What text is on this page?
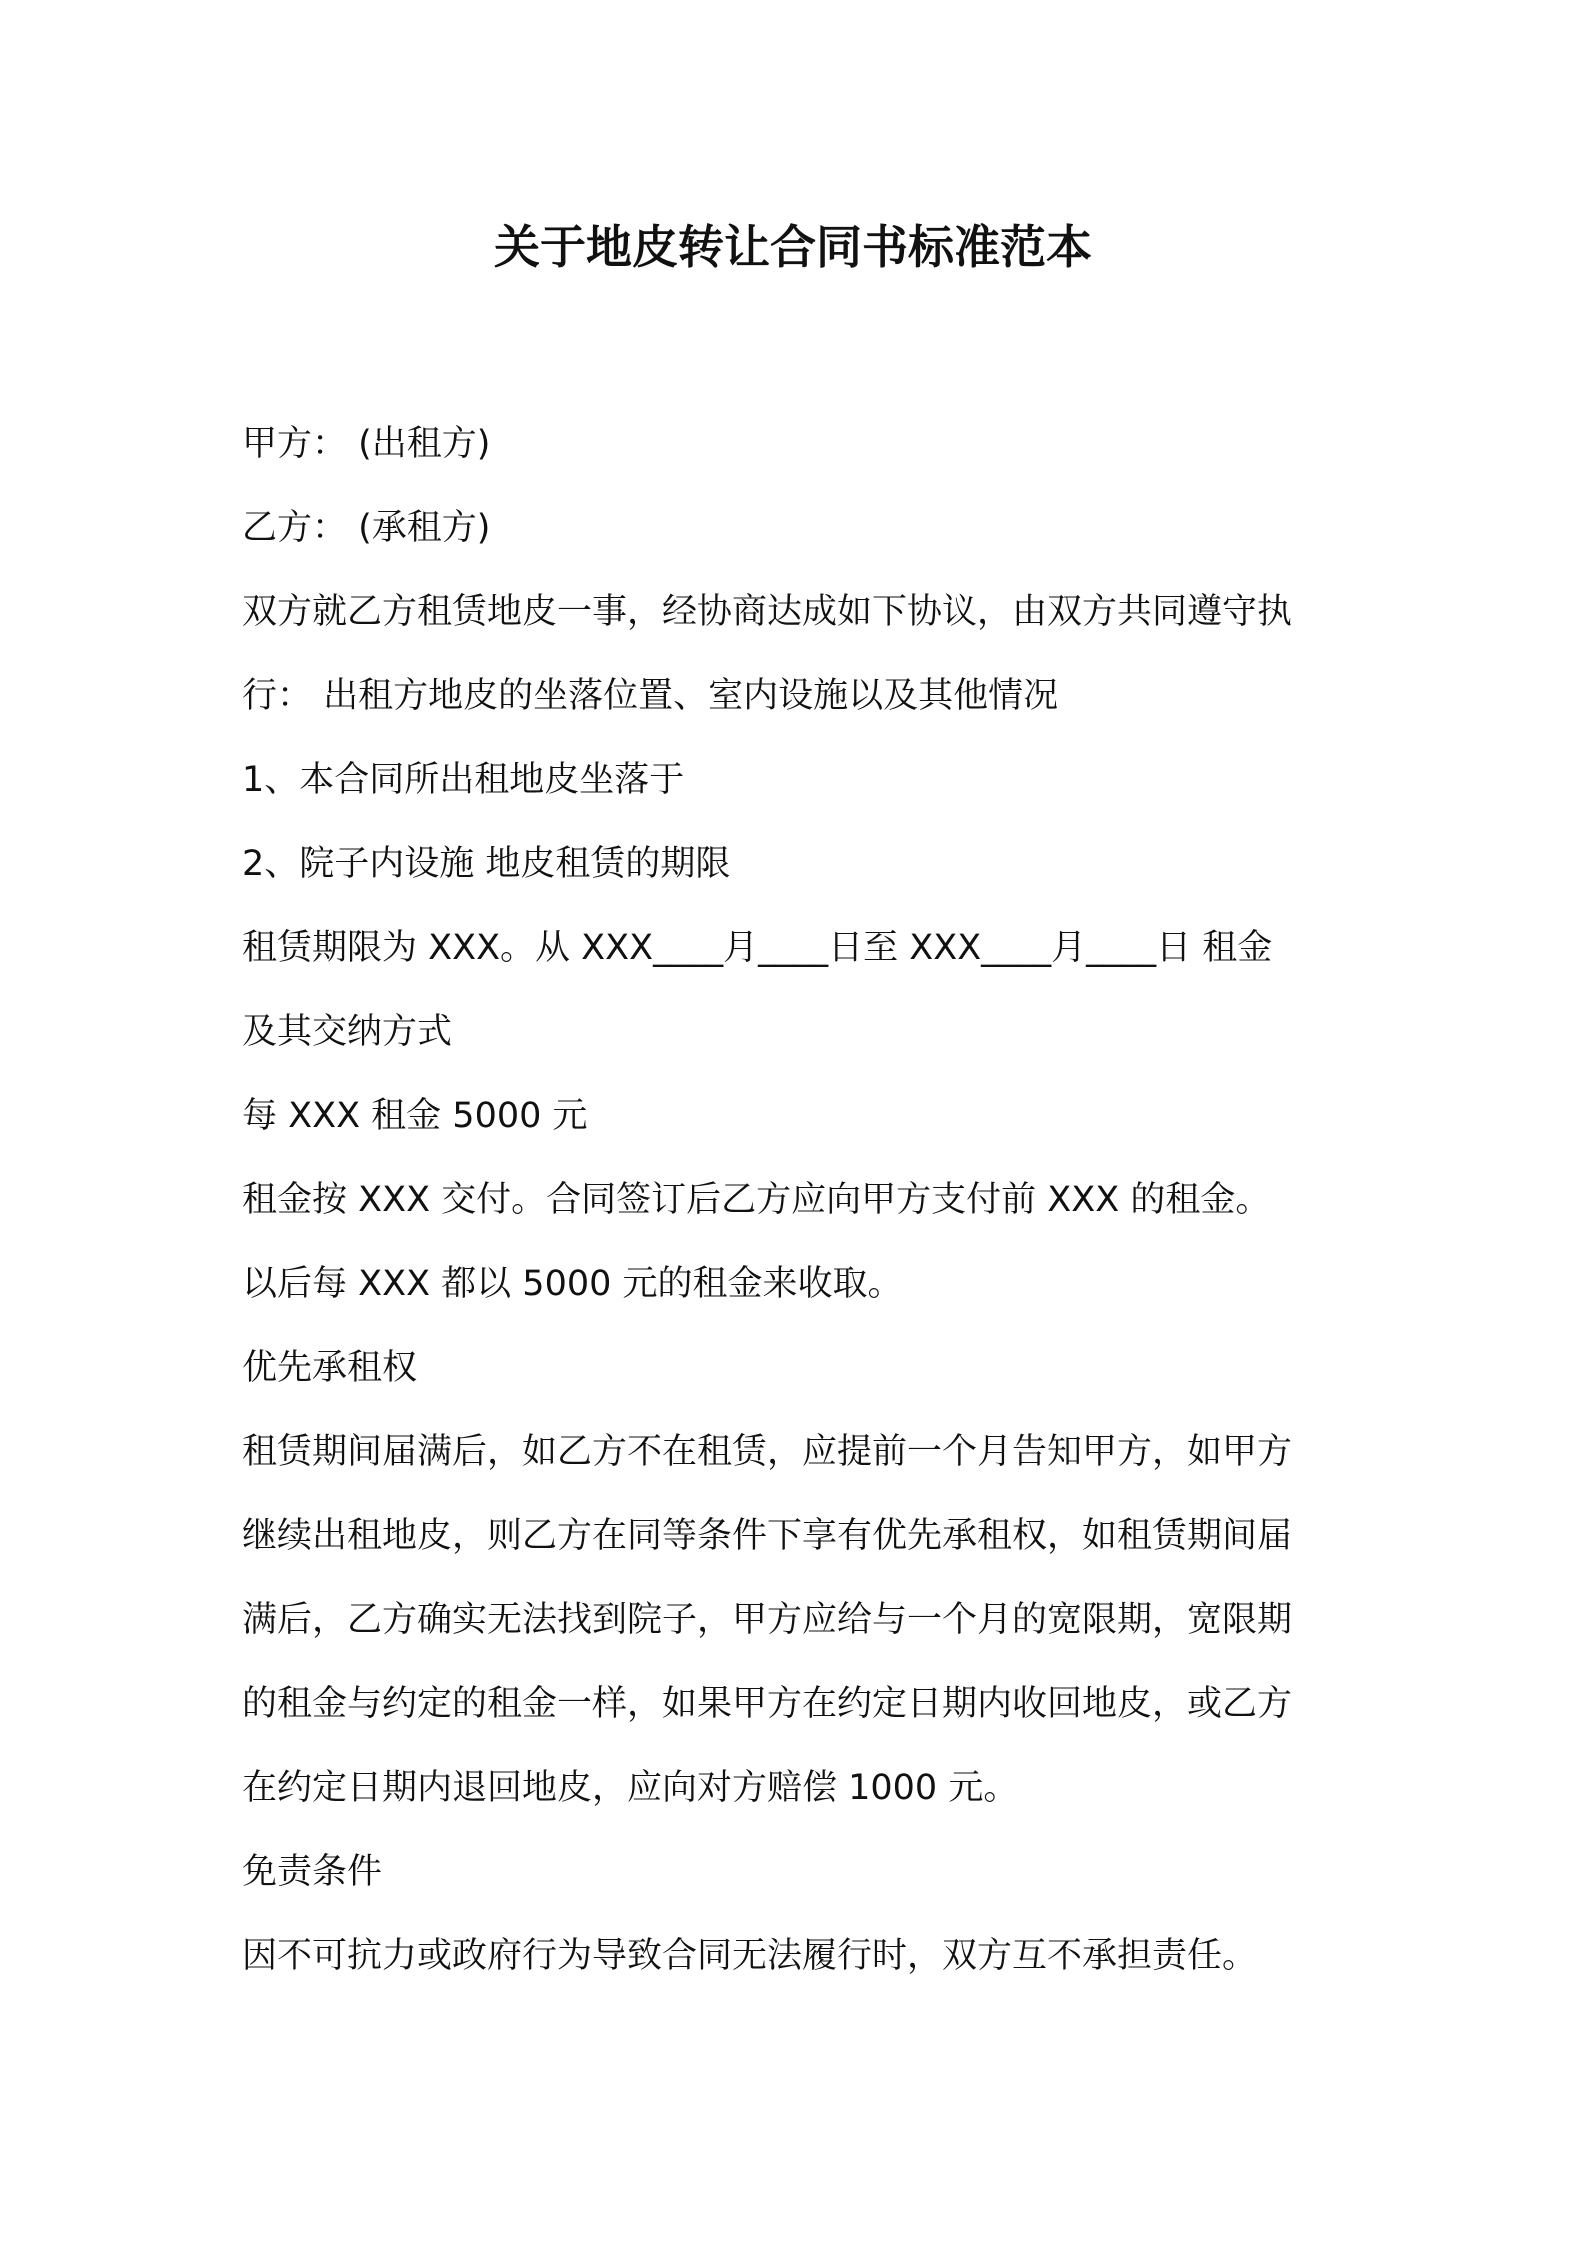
关于地皮转让合同书标准范本

甲方： (出租方)

乙方： (承租方)

双方就乙方租赁地皮一事，经协商达成如下协议，由双方共同遵守执

行： 出租方地皮的坐落位置、室内设施以及其他情况

1、本合同所出租地皮坐落于

2、院子内设施 地皮租赁的期限

租赁期限为 XXX。从 XXX____月____日至 XXX____月____日 租金

及其交纳方式

每 XXX 租金 5000 元

租金按 XXX 交付。合同签订后乙方应向甲方支付前 XXX 的租金。

以后每 XXX 都以 5000 元的租金来收取。

优先承租权

租赁期间届满后，如乙方不在租赁，应提前一个月告知甲方，如甲方

继续出租地皮，则乙方在同等条件下享有优先承租权，如租赁期间届

满后，乙方确实无法找到院子，甲方应给与一个月的宽限期，宽限期

的租金与约定的租金一样，如果甲方在约定日期内收回地皮，或乙方

在约定日期内退回地皮，应向对方赔偿 1000 元。

免责条件

因不可抗力或政府行为导致合同无法履行时，双方互不承担责任。
